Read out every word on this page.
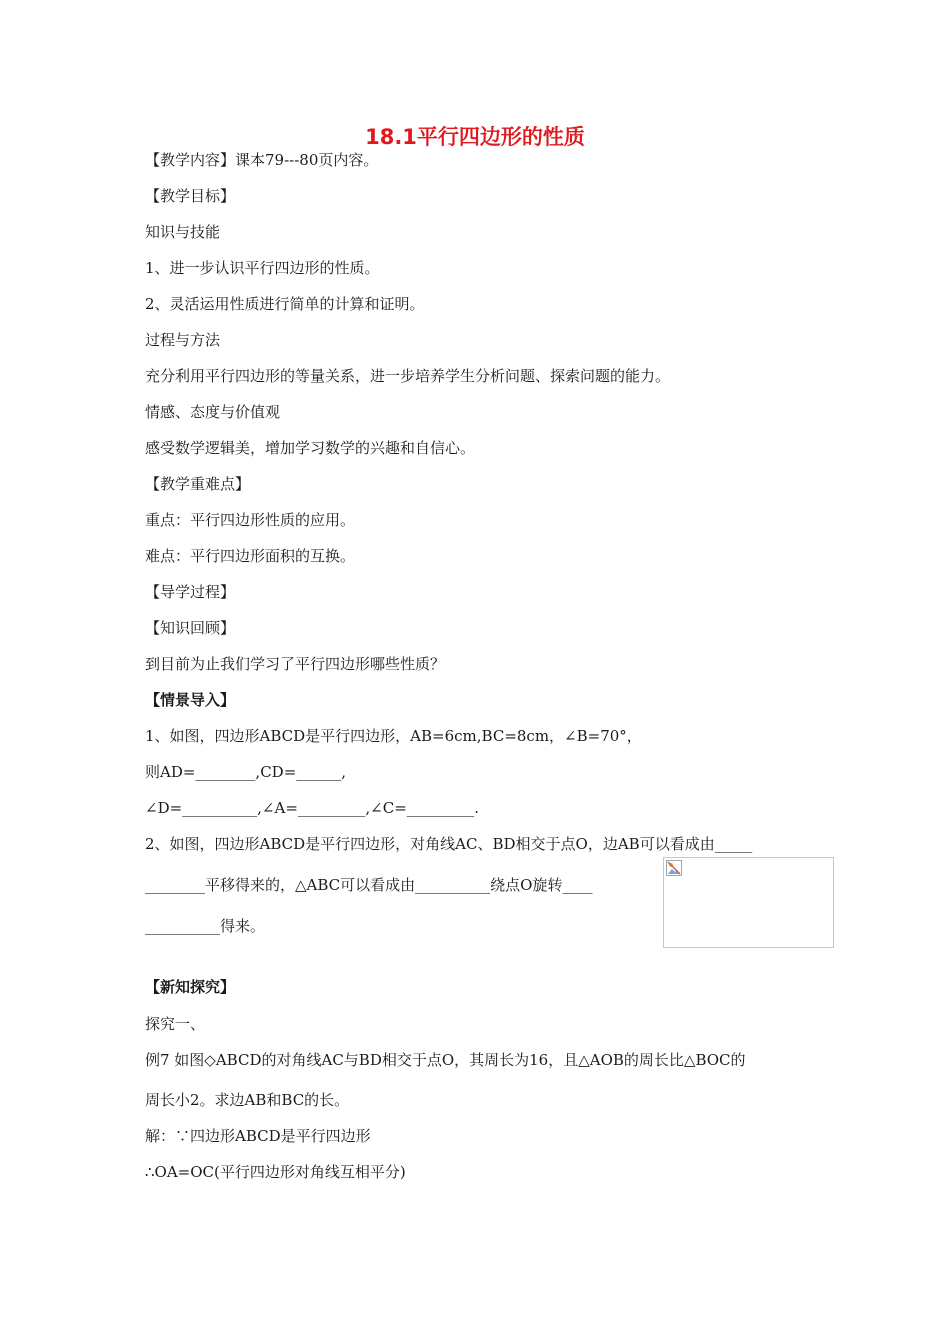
18.1平行四边形的性质
【教学内容】课本79---80页内容。
【教学目标】
知识与技能
1、进一步认识平行四边形的性质。
2、灵活运用性质进行简单的计算和证明。
过程与方法
充分利用平行四边形的等量关系，进一步培养学生分析问题、探索问题的能力。
情感、态度与价值观
感受数学逻辑美，增加学习数学的兴趣和自信心。
【教学重难点】
重点：平行四边形性质的应用。
难点：平行四边形面积的互换。
【导学过程】
【知识回顾】
到目前为止我们学习了平行四边形哪些性质？
【情景导入】
1、如图，四边形ABCD是平行四边形，AB=6cm,BC=8cm，∠B=70°，
则AD=________,CD=______,
∠D=__________,∠A=_________,∠C=_________.
2、如图，四边形ABCD是平行四边形，对角线AC、BD相交于点O，边AB可以看成由_____
________平移得来的，△ABC可以看成由__________绕点O旋转____
__________得来。
【新知探究】
探究一、
例7 如图◇ABCD的对角线AC与BD相交于点O，其周长为16，且△AOB的周长比△BOC的
周长小2。求边AB和BC的长。
解：∵四边形ABCD是平行四边形
∴OA=OC(平行四边形对角线互相平分)
